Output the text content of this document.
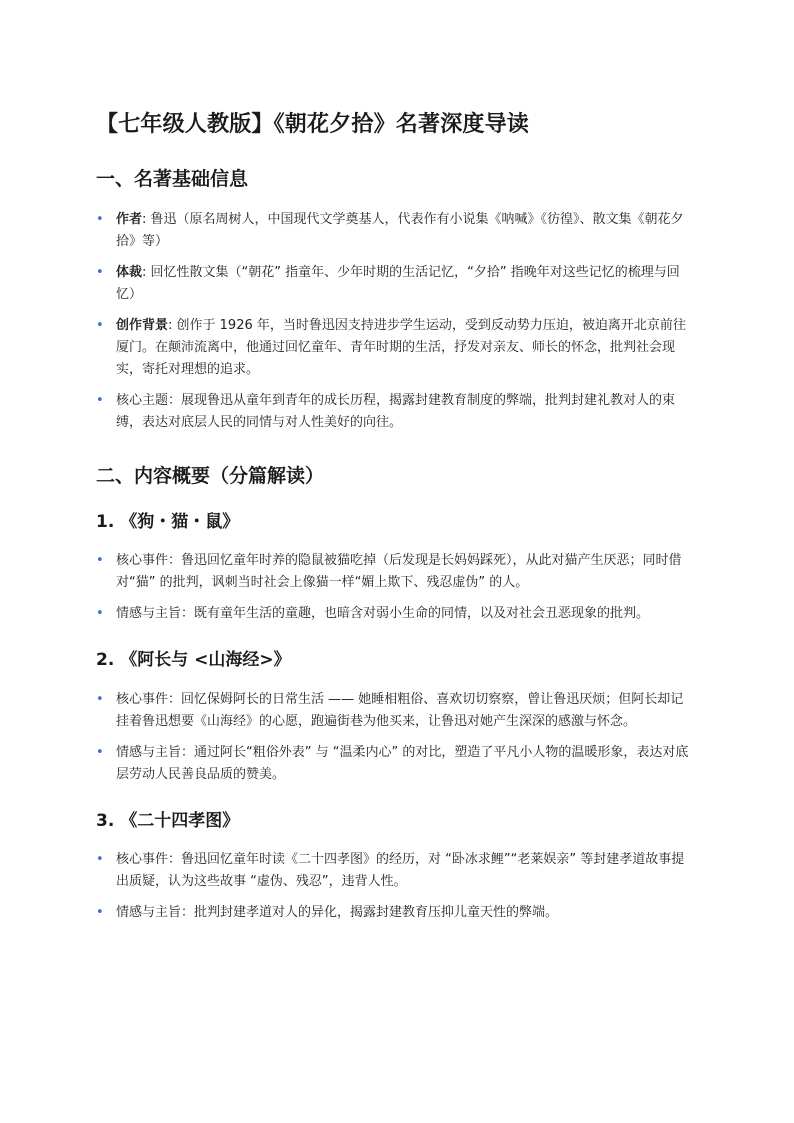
【七年级人教版】《朝花夕拾》名著深度导读
一、名著基础信息
• 作者: 鲁迅（原名周树人，中国现代文学奠基人，代表作有小说集《呐喊》《彷徨》、散文集《朝花夕拾》等）
• 体裁: 回忆性散文集（“朝花” 指童年、少年时期的生活记忆，“夕拾” 指晚年对这些记忆的梳理与回忆）
• 创作背景: 创作于 1926 年，当时鲁迅因支持进步学生运动，受到反动势力压迫，被迫离开北京前往厦门。在颠沛流离中，他通过回忆童年、青年时期的生活，抒发对亲友、师长的怀念，批判社会现实，寄托对理想的追求。
• 核心主题：展现鲁迅从童年到青年的成长历程，揭露封建教育制度的弊端，批判封建礼教对人的束缚，表达对底层人民的同情与对人性美好的向往。
二、内容概要（分篇解读）
1. 《狗・猫・鼠》
• 核心事件：鲁迅回忆童年时养的隐鼠被猫吃掉（后发现是长妈妈踩死），从此对猫产生厌恶；同时借对“猫” 的批判，讽刺当时社会上像猫一样“媚上欺下、残忍虚伪” 的人。
• 情感与主旨：既有童年生活的童趣，也暗含对弱小生命的同情，以及对社会丑恶现象的批判。
2. 《阿长与 <山海经>》
• 核心事件：回忆保姆阿长的日常生活 —— 她睡相粗俗、喜欢切切察察，曾让鲁迅厌烦；但阿长却记挂着鲁迅想要《山海经》的心愿，跑遍街巷为他买来，让鲁迅对她产生深深的感激与怀念。
• 情感与主旨：通过阿长“粗俗外表” 与 “温柔内心” 的对比，塑造了平凡小人物的温暖形象，表达对底层劳动人民善良品质的赞美。
3. 《二十四孝图》
• 核心事件：鲁迅回忆童年时读《二十四孝图》的经历，对 “卧冰求鲤”“老莱娱亲” 等封建孝道故事提出质疑，认为这些故事 “虚伪、残忍”，违背人性。
• 情感与主旨：批判封建孝道对人的异化，揭露封建教育压抑儿童天性的弊端。
